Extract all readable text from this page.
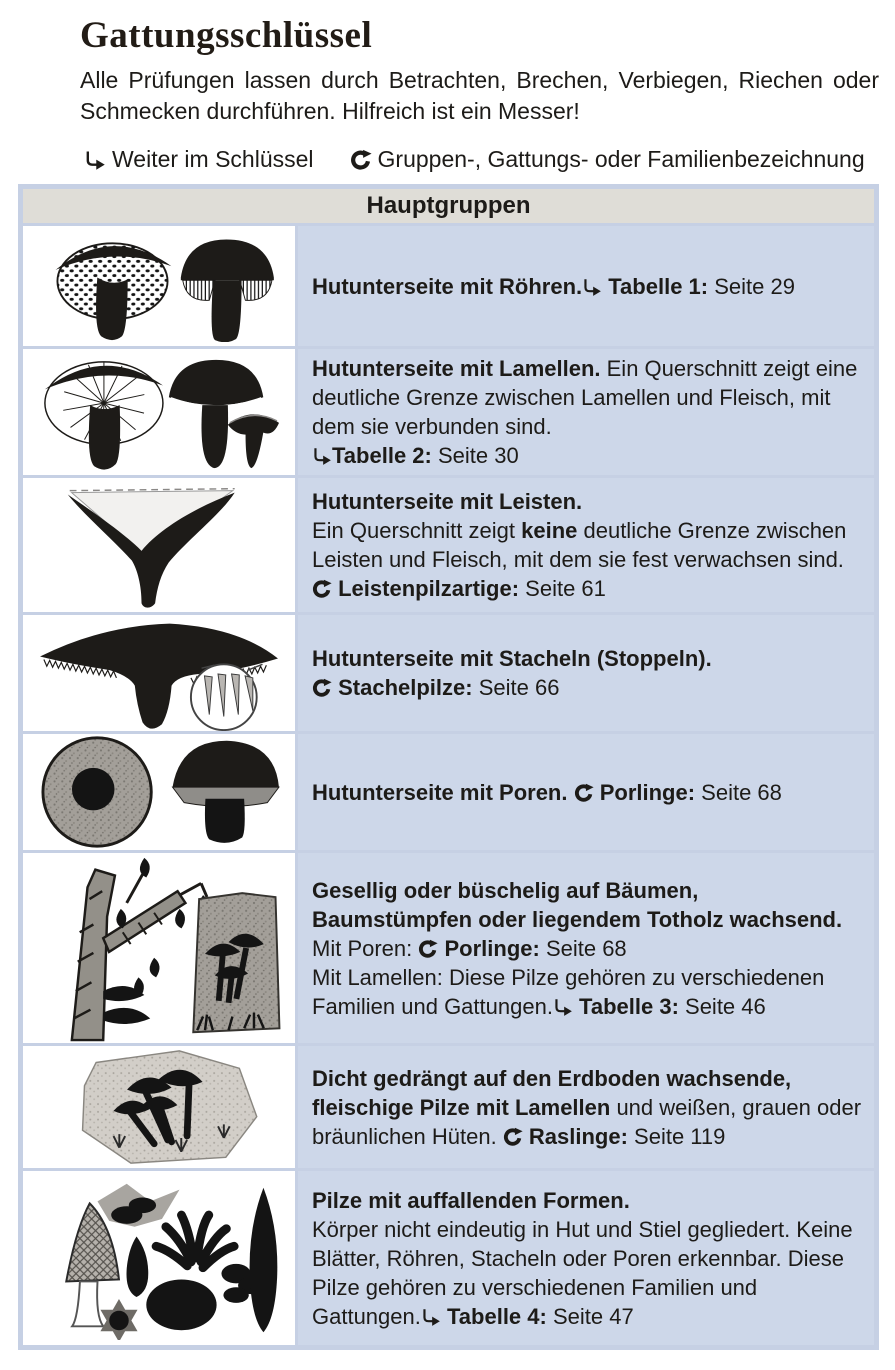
Gattungsschlüssel

Alle Prüfungen lassen durch Betrachten, Brechen, Verbiegen, Riechen oder Schmecken durchführen. Hilfreich ist ein Messer!

Weiter im Schlüssel	Gruppen-, Gattungs- oder Familienbezeichnung
Hauptgruppen

Hutunterseite mit Röhren. Tabelle 1: Seite 29

Hutunterseite mit Lamellen. Ein Querschnitt zeigt eine deutliche Grenze zwischen Lamellen und Fleisch, mit dem sie verbunden sind.
Tabelle 2: Seite 30

Hutunterseite mit Leisten.
Ein Querschnitt zeigt keine deutliche Grenze zwischen Leisten und Fleisch, mit dem sie fest verwachsen sind.
Leistenpilzartige: Seite 61

Hutunterseite mit Stacheln (Stoppeln).
Stachelpilze: Seite 66

Hutunterseite mit Poren.  Porlinge: Seite 68

Gesellig oder büschelig auf Bäumen, Baumstümpfen oder liegendem Totholz wachsend.
Mit Poren:  Porlinge: Seite 68
Mit Lamellen: Diese Pilze gehören zu verschiedenen Familien und Gattungen. Tabelle 3: Seite 46

Dicht gedrängt auf den Erdboden wachsende, fleischige Pilze mit Lamellen und weißen, grauen oder bräunlichen Hüten.  Raslinge: Seite 119

Pilze mit auffallenden Formen.
Körper nicht eindeutig in Hut und Stiel gegliedert. Keine Blätter, Röhren, Stacheln oder Poren erkennbar. Diese Pilze gehören zu verschiedenen Familien und Gattungen. Tabelle 4: Seite 47
